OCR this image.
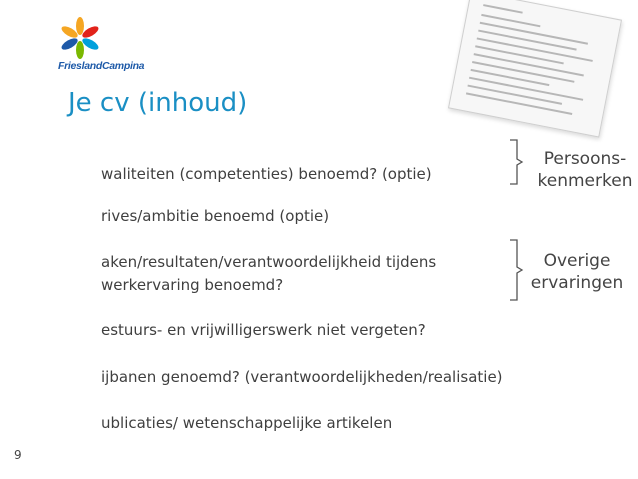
FrieslandCampina
Je cv (inhoud)
waliteiten (competenties) benoemd? (optie)
rives/ambitie benoemd (optie)
aken/resultaten/verantwoordelijkheid tijdens
werkervaring benoemd?
estuurs- en vrijwilligerswerk niet vergeten?
ijbanen genoemd? (verantwoordelijkheden/realisatie)
ublicaties/ wetenschappelijke artikelen
Persoons-
kenmerken
Overige
ervaringen
9
